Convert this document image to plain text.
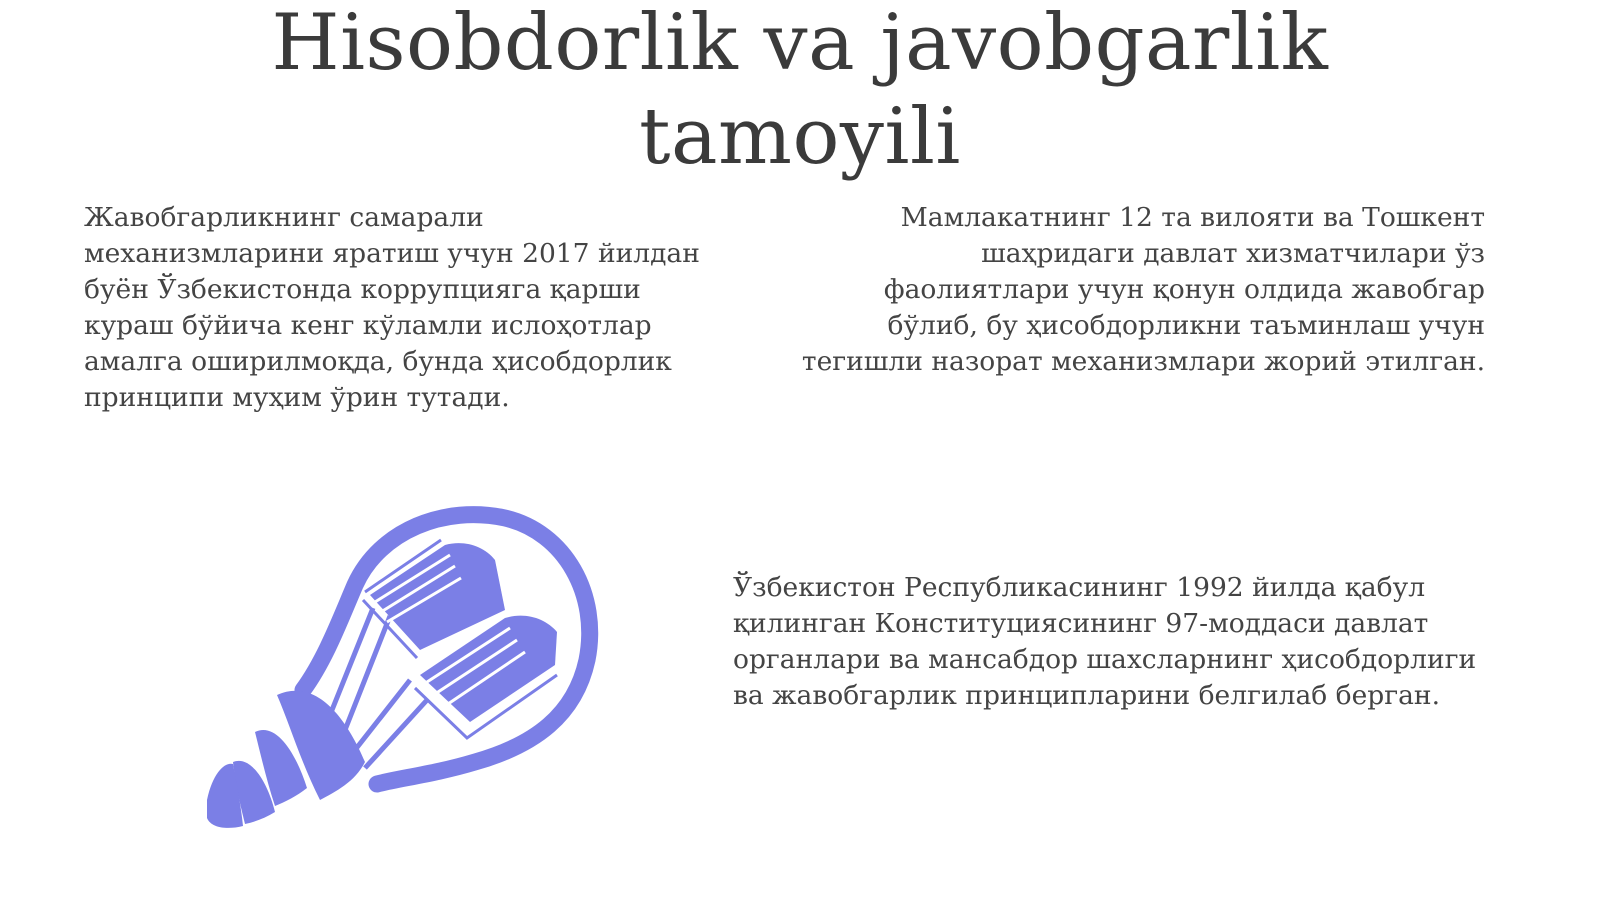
Hisobdorlik va javobgarlik tamoyili

Жавобгарликнинг самарали механизмларини яратиш учун 2017 йилдан буён Ўзбекистонда коррупцияга қарши кураш бўйича кенг кўламли ислоҳотлар амалга оширилмоқда, бунда ҳисобдорлик принципи муҳим ўрин тутади.

Мамлакатнинг 12 та вилояти ва Тошкент шаҳридаги давлат хизматчилари ўз фаолиятлари учун қонун олдида жавобгар бўлиб, бу ҳисобдорликни таъминлаш учун тегишли назорат механизмлари жорий этилган.

Ўзбекистон Республикасининг 1992 йилда қабул қилинган Конституциясининг 97-моддаси давлат органлари ва мансабдор шахсларнинг ҳисобдорлиги ва жавобгарлик принципларини белгилаб берган.
